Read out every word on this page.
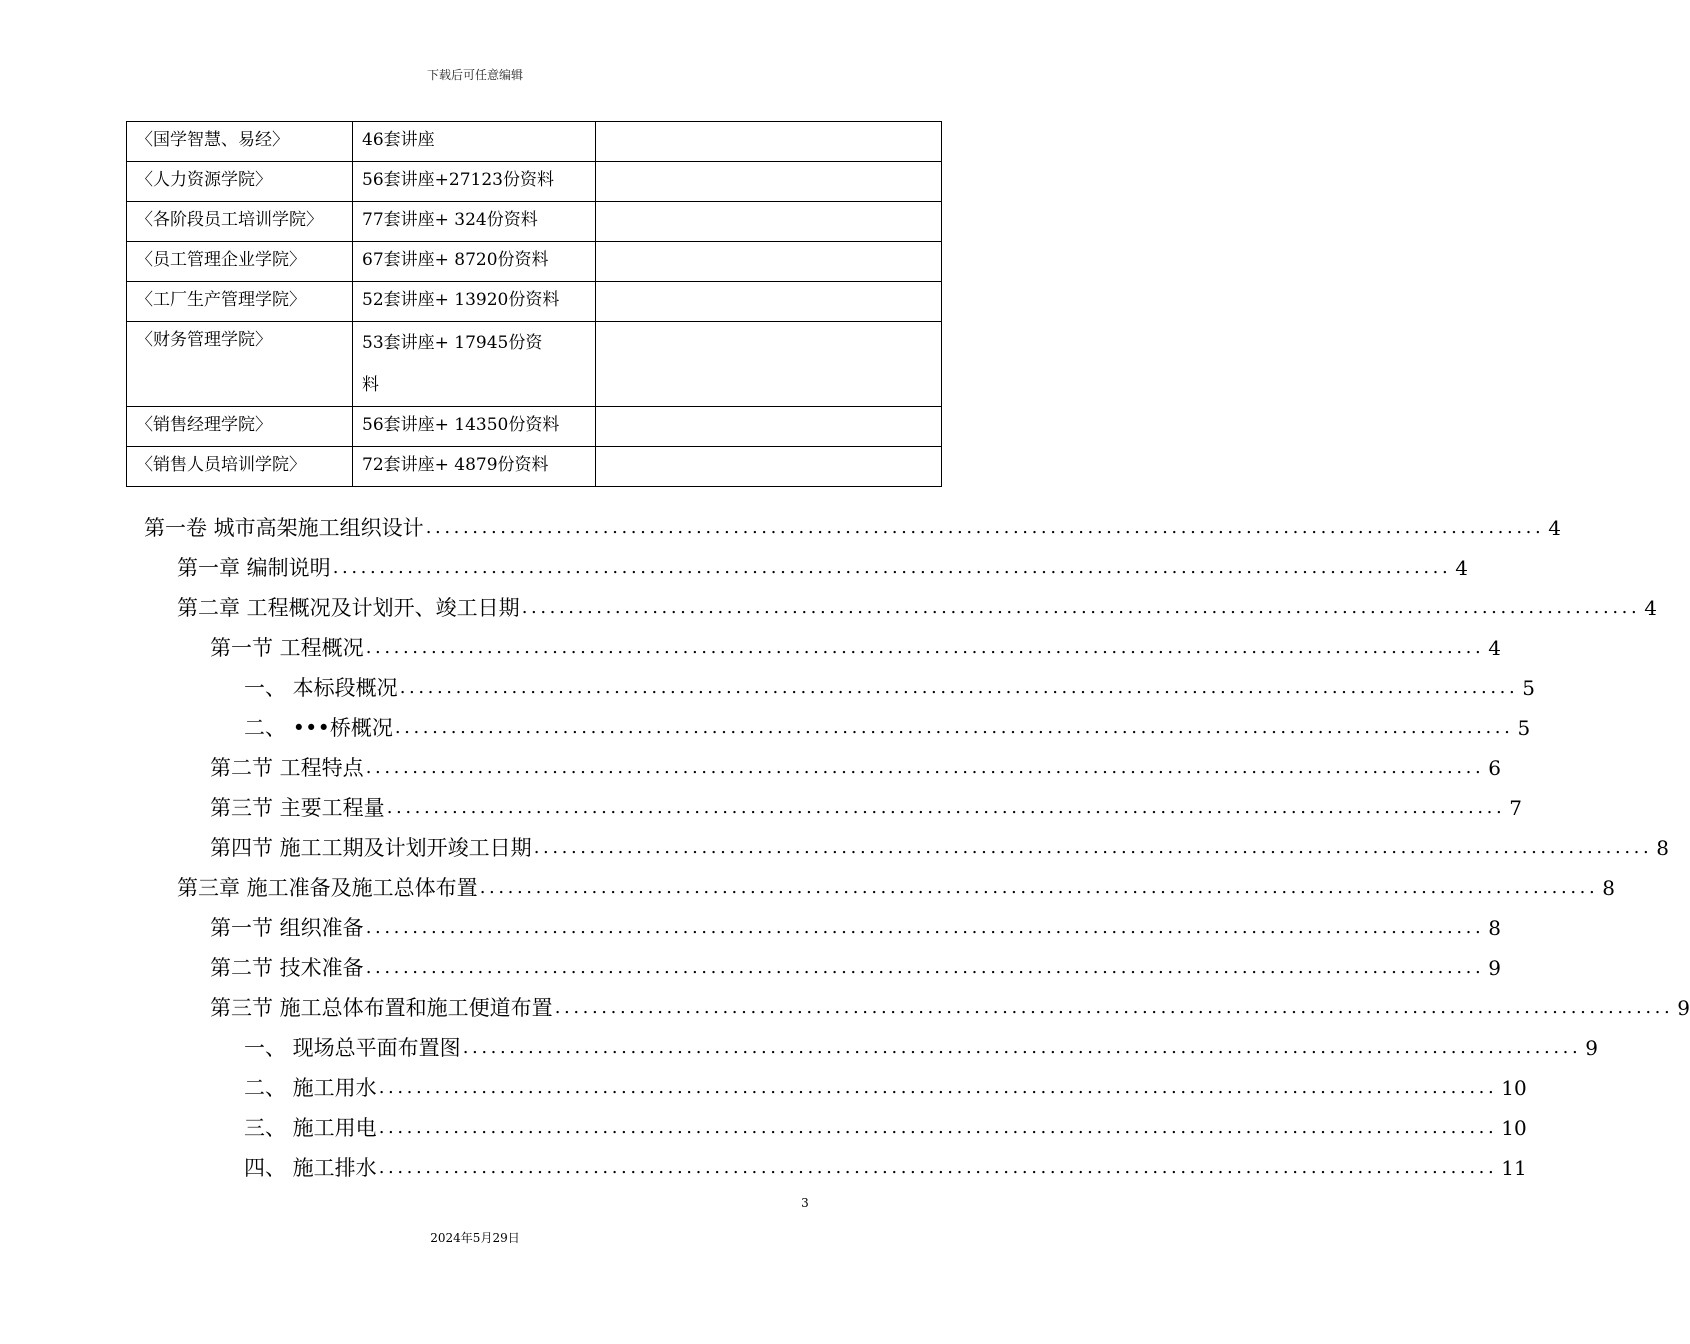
下载后可任意编辑
〈国学智慧、易经〉	46套讲座	
〈人力资源学院〉	56套讲座+27123份资料	
〈各阶段员工培训学院〉	77套讲座+ 324份资料	
〈员工管理企业学院〉	67套讲座+ 8720份资料	
〈工厂生产管理学院〉	52套讲座+ 13920份资料	
〈财务管理学院〉	53套讲座+ 17945份资料	
〈销售经理学院〉	56套讲座+ 14350份资料	
〈销售人员培训学院〉	72套讲座+ 4879份资料	
第一卷 城市高架施工组织设计 ........................................................................................................................ 4
第一章 编制说明 ........................................................................................................................ 4
第二章 工程概况及计划开、竣工日期 ........................................................................................................................ 4
第一节 工程概况 ........................................................................................................................ 4
一、 本标段概况 ........................................................................................................................ 5
二、 •••桥概况 ........................................................................................................................ 5
第二节 工程特点 ........................................................................................................................ 6
第三节 主要工程量 ........................................................................................................................ 7
第四节 施工工期及计划开竣工日期 ........................................................................................................................ 8
第三章 施工准备及施工总体布置 ........................................................................................................................ 8
第一节 组织准备 ........................................................................................................................ 8
第二节 技术准备 ........................................................................................................................ 9
第三节 施工总体布置和施工便道布置 ........................................................................................................................ 9
一、 现场总平面布置图 ........................................................................................................................ 9
二、 施工用水 ........................................................................................................................ 10
三、 施工用电 ........................................................................................................................ 10
四、 施工排水 ........................................................................................................................ 11
3
2024年5月29日
